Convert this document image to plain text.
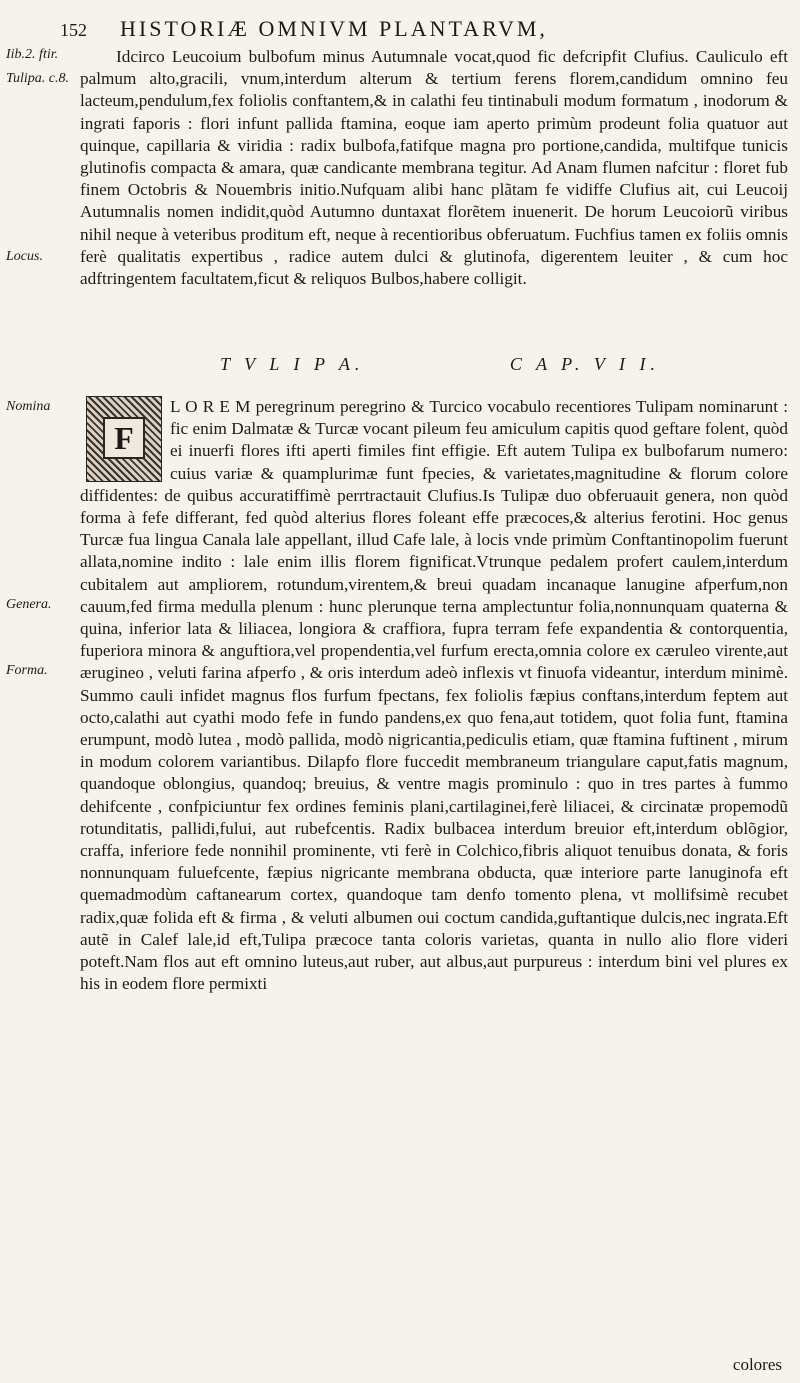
152	HISTORIÆ OMNIVM PLANTARVM,
Iib.2. ftir.
Tulipa. c.8.
Locus.

Idcirco Leucoium bulbofum minus Autumnale vocat,quod fic defcripfit Clufius. Cauliculo eft palmum alto,gracili, vnum,interdum alterum & tertium ferens florem,candidum omnino feu lacteum,pendulum,fex foliolis conftantem,& in calathi feu tintinabuli modum formatum , inodorum & ingrati faporis : flori infunt pallida ftamina, eoque iam aperto primùm prodeunt folia quatuor aut quinque, capillaria & viridia : radix bulbofa,fatifque magna pro portione,candida, multifque tunicis glutinofis compacta & amara, quæ candicante membrana tegitur. Ad Anam flumen nafcitur : floret fub finem Octobris & Nouembris initio.Nufquam alibi hanc plãtam fe vidiffe Clufius ait, cui Leucoij Autumnalis nomen indidit,quòd Autumno duntaxat florẽtem inuenerit. De horum Leucoiorũ viribus nihil neque à veteribus proditum eft, neque à recentioribus obferuatum. Fuchfius tamen ex foliis omnis ferè qualitatis expertibus , radice autem dulci & glutinofa, digerentem leuiter , & cum hoc adftringentem facultatem,ficut & reliquos Bulbos,habere colligit.

T V L I P A.	C A P. V I I.
Nomina
Genera.
Forma.
F

L O R E M peregrinum peregrino & Turcico vocabulo recentiores Tulipam nominarunt : fic enim Dalmatæ & Turcæ vocant pileum feu amiculum capitis quod geftare folent, quòd ei inuerfi flores ifti aperti fimiles fint effigie. Eft autem Tulipa ex bulbofarum numero: cuius variæ & quamplurimæ funt fpecies, & varietates,magnitudine & florum colore diffidentes: de quibus accuratiffimè perrtractauit Clufius.Is Tulipæ duo obferuauit genera, non quòd forma à fefe differant, fed quòd alterius flores foleant effe præcoces,& alterius ferotini. Hoc genus Turcæ fua lingua Canala lale appellant, illud Cafe lale, à locis vnde primùm Conftantinopolim fuerunt allata,nomine indito : lale enim illis florem fignificat.Vtrunque pedalem profert caulem,interdum cubitalem aut ampliorem, rotundum,virentem,& breui quadam incanaque lanugine afperfum,non cauum,fed firma medulla plenum : hunc plerunque terna amplectuntur folia,nonnunquam quaterna & quina, inferior lata & liliacea, longiora & craffiora, fupra terram fefe expandentia & contorquentia, fuperiora minora & anguftiora,vel propendentia,vel furfum erecta,omnia colore ex cæruleo virente,aut ærugineo , veluti farina afperfo , & oris interdum adeò inflexis vt finuofa videantur, interdum minimè. Summo cauli infidet magnus flos furfum fpectans, fex foliolis fæpius conftans,interdum feptem aut octo,calathi aut cyathi modo fefe in fundo pandens,ex quo fena,aut totidem, quot folia funt, ftamina erumpunt, modò lutea , modò pallida, modò nigricantia,pediculis etiam, quæ ftamina fuftinent , mirum in modum colorem variantibus. Dilapfo flore fuccedit membraneum triangulare caput,fatis magnum, quandoque oblongius, quandoq; breuius, & ventre magis prominulo : quo in tres partes à fummo dehifcente , confpiciuntur fex ordines feminis plani,cartilaginei,ferè liliacei, & circinatæ propemodũ rotunditatis, pallidi,fului, aut rubefcentis. Radix bulbacea interdum breuior eft,interdum oblõgior, craffa, inferiore fede nonnihil prominente, vti ferè in Colchico,fibris aliquot tenuibus donata, & foris nonnunquam fuluefcente, fæpius nigricante membrana obducta, quæ interiore parte lanuginofa eft quemadmodùm caftanearum cortex, quandoque tam denfo tomento plena, vt mollifsimè recubet radix,quæ folida eft & firma , & veluti albumen oui coctum candida,guftantique dulcis,nec ingrata.Eft autẽ in Calef lale,id eft,Tulipa præcoce tanta coloris varietas, quanta in nullo alio flore videri poteft.Nam flos aut eft omnino luteus,aut ruber, aut albus,aut purpureus : interdum bini vel plures ex his in eodem flore permixti

colores
